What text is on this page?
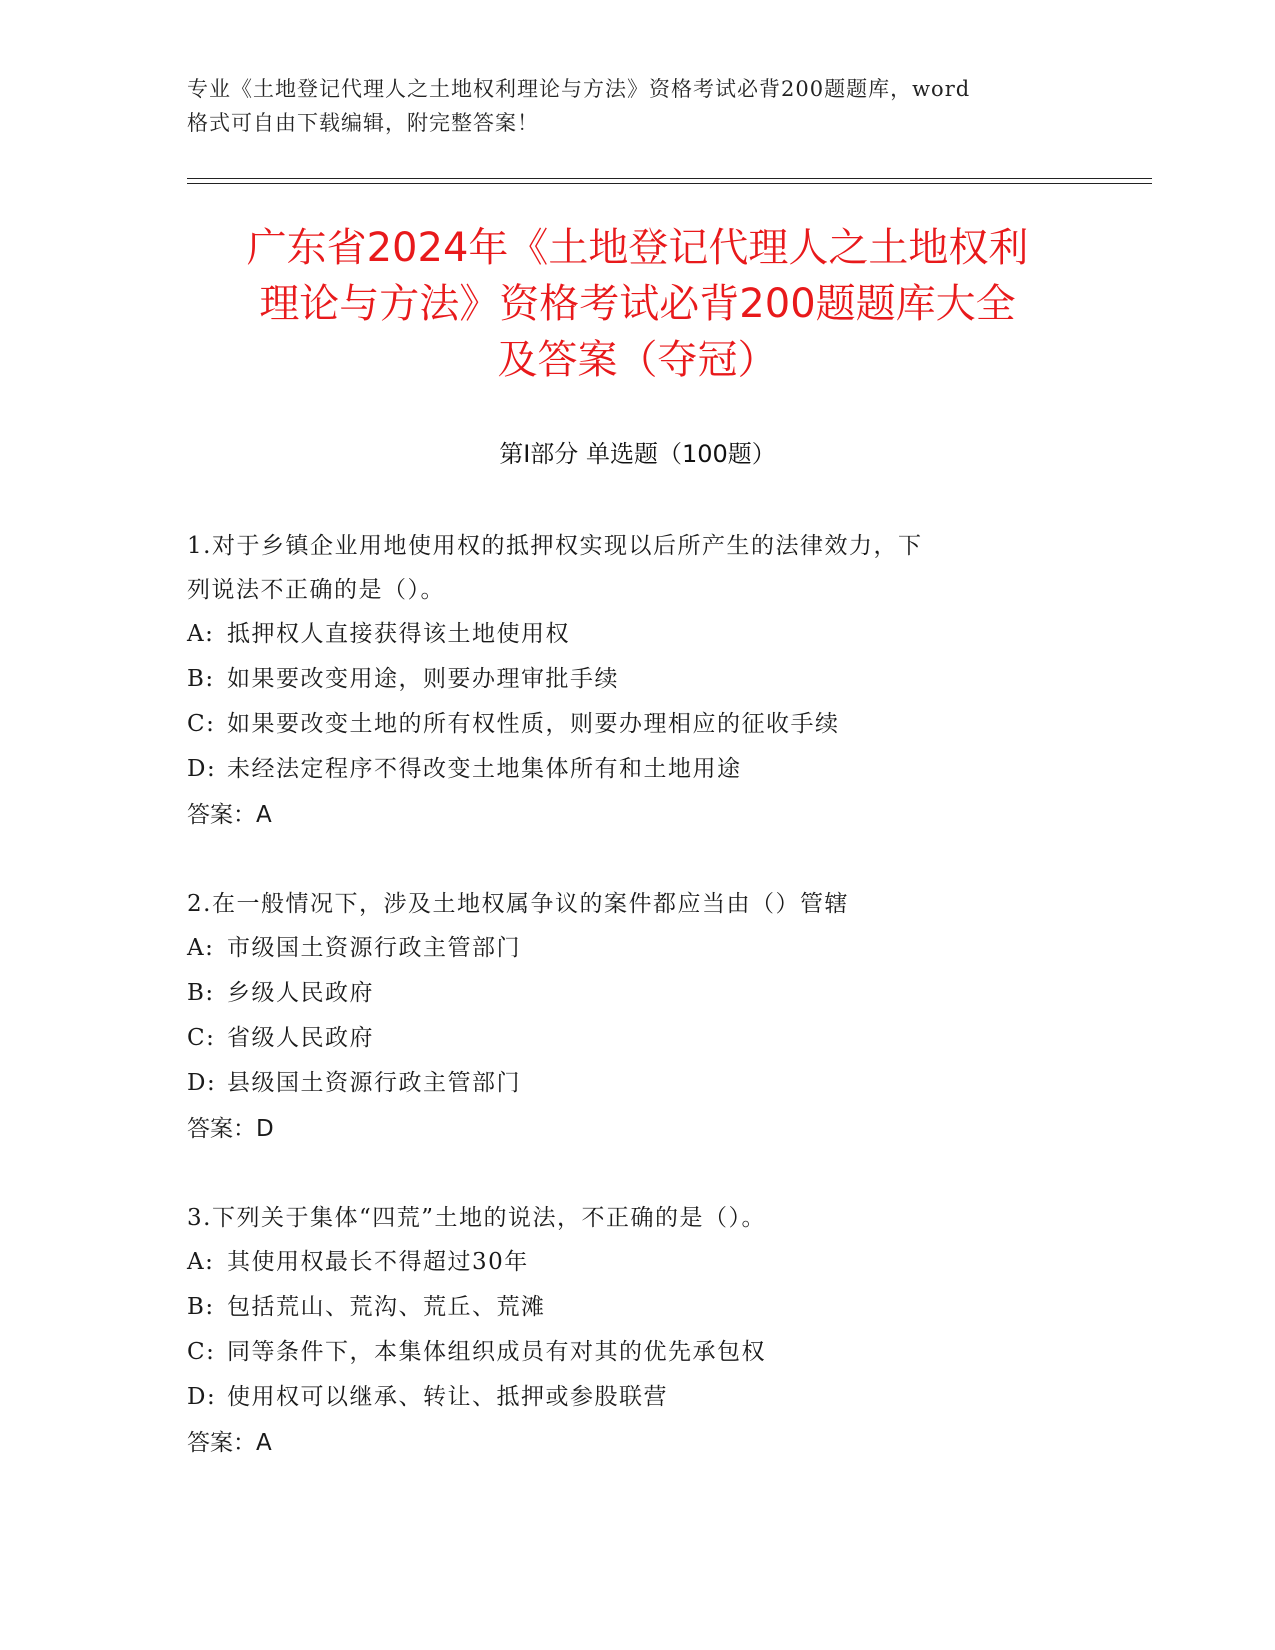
专业《土地登记代理人之土地权利理论与方法》资格考试必背200题题库，word
格式可自由下载编辑，附完整答案！
广东省2024年《土地登记代理人之土地权利
理论与方法》资格考试必背200题题库大全
及答案（夺冠）
第Ⅰ部分 单选题（100题）

1.对于乡镇企业用地使用权的抵押权实现以后所产生的法律效力，下
列说法不正确的是（）。

A: 抵押权人直接获得该土地使用权

B: 如果要改变用途，则要办理审批手续

C: 如果要改变土地的所有权性质，则要办理相应的征收手续

D: 未经法定程序不得改变土地集体所有和土地用途

答案：A

2.在一般情况下，涉及土地权属争议的案件都应当由（）管辖

A: 市级国土资源行政主管部门

B: 乡级人民政府

C: 省级人民政府

D: 县级国土资源行政主管部门

答案：D

3.下列关于集体“四荒”土地的说法，不正确的是（）。

A: 其使用权最长不得超过30年

B: 包括荒山、荒沟、荒丘、荒滩

C: 同等条件下，本集体组织成员有对其的优先承包权

D: 使用权可以继承、转让、抵押或参股联营

答案：A
